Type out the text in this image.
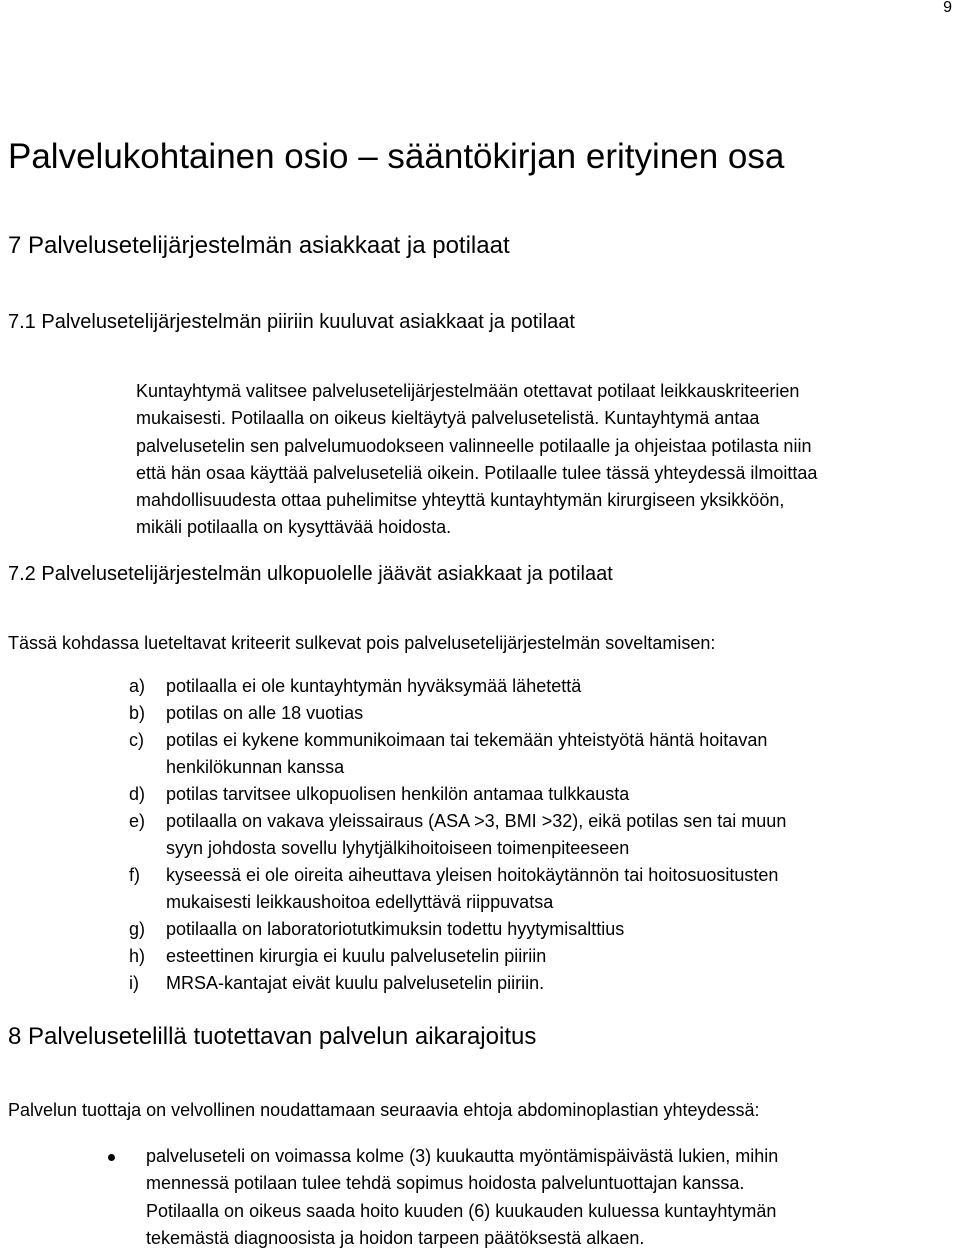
9
Palvelukohtainen osio – sääntökirjan erityinen osa
7 Palvelusetelijärjestelmän asiakkaat ja potilaat
7.1 Palvelusetelijärjestelmän piiriin kuuluvat asiakkaat ja potilaat

Kuntayhtymä valitsee palvelusetelijärjestelmään otettavat potilaat leikkauskriteerien
mukaisesti. Potilaalla on oikeus kieltäytyä palvelusetelistä. Kuntayhtymä antaa
palvelusetelin sen palvelumuodokseen valinneelle potilaalle ja ohjeistaa potilasta niin
että hän osaa käyttää palveluseteliä oikein. Potilaalle tulee tässä yhteydessä ilmoittaa
mahdollisuudesta ottaa puhelimitse yhteyttä kuntayhtymän kirurgiseen yksikköön,
mikäli potilaalla on kysyttävää hoidosta.

7.2 Palvelusetelijärjestelmän ulkopuolelle jäävät asiakkaat ja potilaat

Tässä kohdassa lueteltavat kriteerit sulkevat pois palvelusetelijärjestelmän soveltamisen:

a) potilaalla ei ole kuntayhtymän hyväksymää lähetettä
b) potilas on alle 18 vuotias
c) potilas ei kykene kommunikoimaan tai tekemään yhteistyötä häntä hoitavan
henkilökunnan kanssa
d) potilas tarvitsee ulkopuolisen henkilön antamaa tulkkausta
e) potilaalla on vakava yleissairaus (ASA >3, BMI >32), eikä potilas sen tai muun
syyn johdosta sovellu lyhytjälkihoitoiseen toimenpiteeseen
f) kyseessä ei ole oireita aiheuttava yleisen hoitokäytännön tai hoitosuositusten
mukaisesti leikkaushoitoa edellyttävä riippuvatsa
g) potilaalla on laboratoriotutkimuksin todettu hyytymisalttius
h) esteettinen kirurgia ei kuulu palvelusetelin piiriin
i) MRSA-kantajat eivät kuulu palvelusetelin piiriin.
8 Palvelusetelillä tuotettavan palvelun aikarajoitus

Palvelun tuottaja on velvollinen noudattamaan seuraavia ehtoja abdominoplastian yhteydessä:

palveluseteli on voimassa kolme (3) kuukautta myöntämispäivästä lukien, mihin
mennessä potilaan tulee tehdä sopimus hoidosta palveluntuottajan kanssa.
Potilaalla on oikeus saada hoito kuuden (6) kuukauden kuluessa kuntayhtymän
tekemästä diagnoosista ja hoidon tarpeen päätöksestä alkaen.
